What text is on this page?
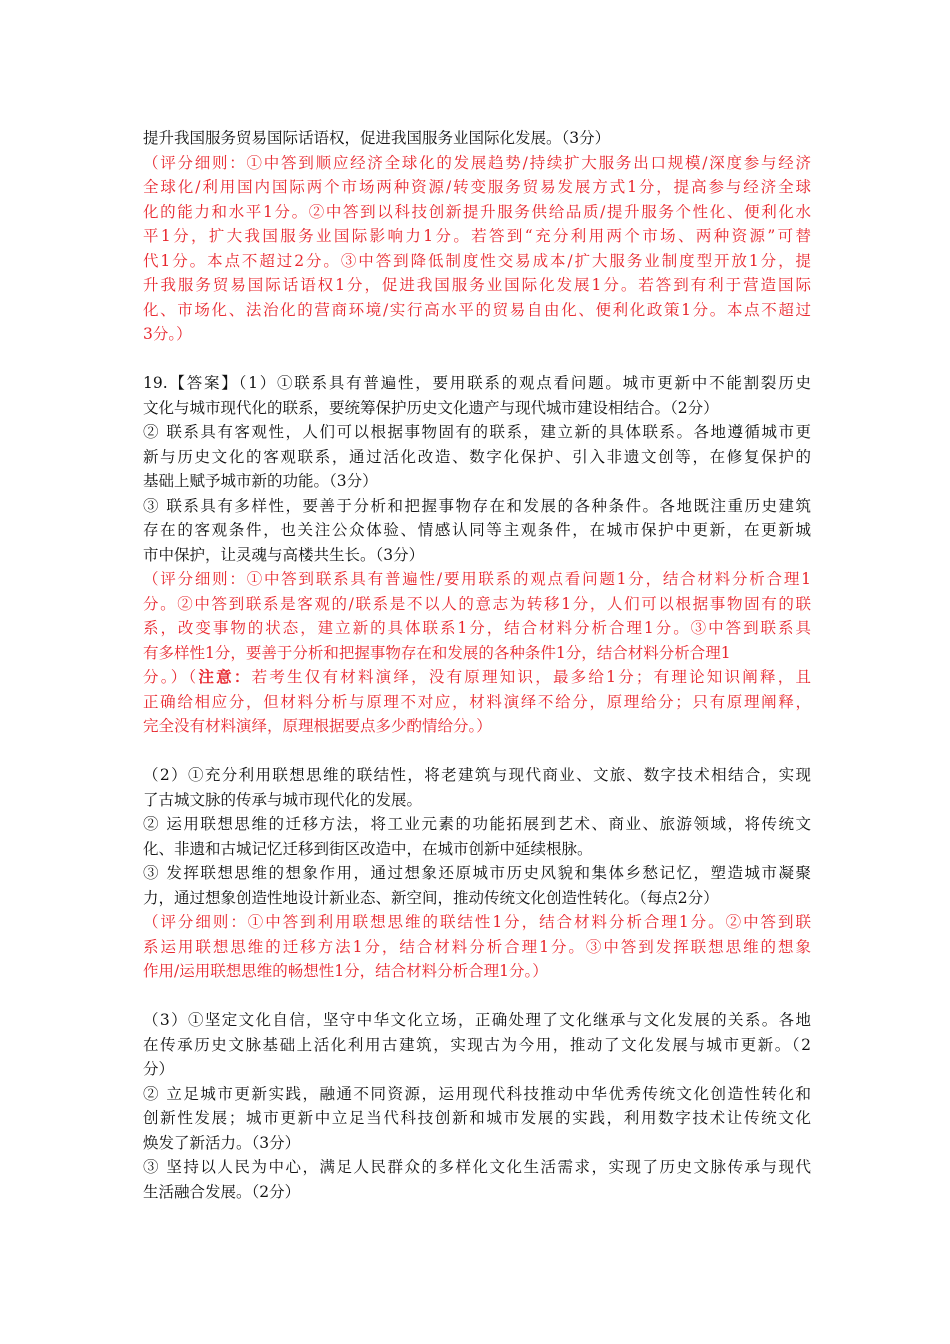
提升我国服务贸易国际话语权，促进我国服务业国际化发展。（3分）
（评分细则：①中答到顺应经济全球化的发展趋势/持续扩大服务出口规模/深度参与经济
全球化/利用国内国际两个市场两种资源/转变服务贸易发展方式1分，提高参与经济全球
化的能力和水平1分。②中答到以科技创新提升服务供给品质/提升服务个性化、便利化水
平1分，扩大我国服务业国际影响力1分。若答到“充分利用两个市场、两种资源”可替
代1分。本点不超过2分。③中答到降低制度性交易成本/扩大服务业制度型开放1分，提
升我服务贸易国际话语权1分，促进我国服务业国际化发展1分。若答到有利于营造国际
化、市场化、法治化的营商环境/实行高水平的贸易自由化、便利化政策1分。本点不超过
3分。）
19.【答案】（1）①联系具有普遍性，要用联系的观点看问题。城市更新中不能割裂历史
文化与城市现代化的联系，要统筹保护历史文化遗产与现代城市建设相结合。（2分）
② 联系具有客观性，人们可以根据事物固有的联系，建立新的具体联系。各地遵循城市更
新与历史文化的客观联系，通过活化改造、数字化保护、引入非遗文创等，在修复保护的
基础上赋予城市新的功能。（3分）
③ 联系具有多样性，要善于分析和把握事物存在和发展的各种条件。各地既注重历史建筑
存在的客观条件，也关注公众体验、情感认同等主观条件，在城市保护中更新，在更新城
市中保护，让灵魂与高楼共生长。（3分）
（评分细则：①中答到联系具有普遍性/要用联系的观点看问题1分，结合材料分析合理1
分。②中答到联系是客观的/联系是不以人的意志为转移1分，人们可以根据事物固有的联
系，改变事物的状态，建立新的具体联系1分，结合材料分析合理1分。③中答到联系具
有多样性1分，要善于分析和把握事物存在和发展的各种条件1分，结合材料分析合理1
分。）（注意：若考生仅有材料演绎，没有原理知识，最多给1分；有理论知识阐释，且
正确给相应分，但材料分析与原理不对应，材料演绎不给分，原理给分；只有原理阐释，
完全没有材料演绎，原理根据要点多少酌情给分。）
（2）①充分利用联想思维的联结性，将老建筑与现代商业、文旅、数字技术相结合，实现
了古城文脉的传承与城市现代化的发展。
② 运用联想思维的迁移方法，将工业元素的功能拓展到艺术、商业、旅游领域，将传统文
化、非遗和古城记忆迁移到街区改造中，在城市创新中延续根脉。
③ 发挥联想思维的想象作用，通过想象还原城市历史风貌和集体乡愁记忆，塑造城市凝聚
力，通过想象创造性地设计新业态、新空间，推动传统文化创造性转化。（每点2分）
（评分细则：①中答到利用联想思维的联结性1分，结合材料分析合理1分。②中答到联
系运用联想思维的迁移方法1分，结合材料分析合理1分。③中答到发挥联想思维的想象
作用/运用联想思维的畅想性1分，结合材料分析合理1分。）
（3）①坚定文化自信，坚守中华文化立场，正确处理了文化继承与文化发展的关系。各地
在传承历史文脉基础上活化利用古建筑，实现古为今用，推动了文化发展与城市更新。（2
分）
② 立足城市更新实践，融通不同资源，运用现代科技推动中华优秀传统文化创造性转化和
创新性发展；城市更新中立足当代科技创新和城市发展的实践，利用数字技术让传统文化
焕发了新活力。（3分）
③ 坚持以人民为中心，满足人民群众的多样化文化生活需求，实现了历史文脉传承与现代
生活融合发展。（2分）
